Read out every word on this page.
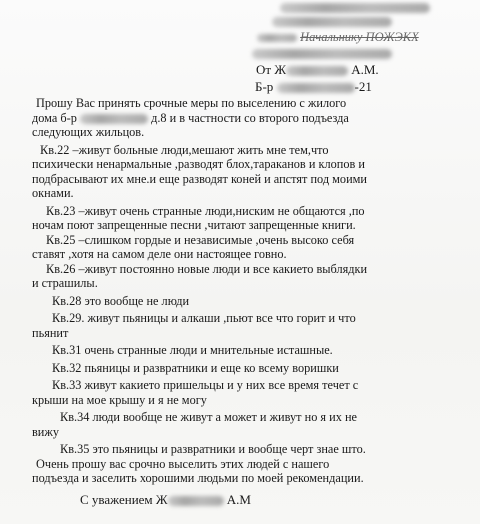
Начальнику ПОЖЭКХ
От Ж	А.М.
Б-р	-21

Прошу Вас принять срочные меры по выселению с жилого

дома б-р	д.8 и в частности со второго подъезда

следующих жильцов.

Кв.22 –живут больные люди,мешают жить мне тем,что

психически ненармальные ,разводят блох,тараканов и клопов и

подбрасывают их мне.и еще разводят коней и апстят под моими

окнами.

Кв.23 –живут очень странные люди,ниским не общаются ,по

ночам поют запрещенные песни ,читают запрещенные книги.

Кв.25 –слишком гордые и независимые ,очень высоко себя

ставят ,хотя на самом деле они настоящее говно.

Кв.26 –живут постоянно новые люди и все какието выблядки

и страшилы.

Кв.28 это вообще не люди

Кв.29. живут пьяницы и алкаши ,пьют все что горит и что

пьянит

Кв.31 очень странные люди и мнительные исташные.

Кв.32 пьяницы и развратники и еще ко всему воришки

Кв.33 живут какието пришельцы и у них все время течет с

крыши на мое крышу и я не могу

Кв.34 люди вообще не живут а может и живут но я их не

вижу

Кв.35 это пьяницы и развратники и вообще черт знае што.

Очень прошу вас срочно выселить этих людей с нашего

подъезда и заселить хорошими людьми по моей рекомендации.

С уважением Ж	А.М
